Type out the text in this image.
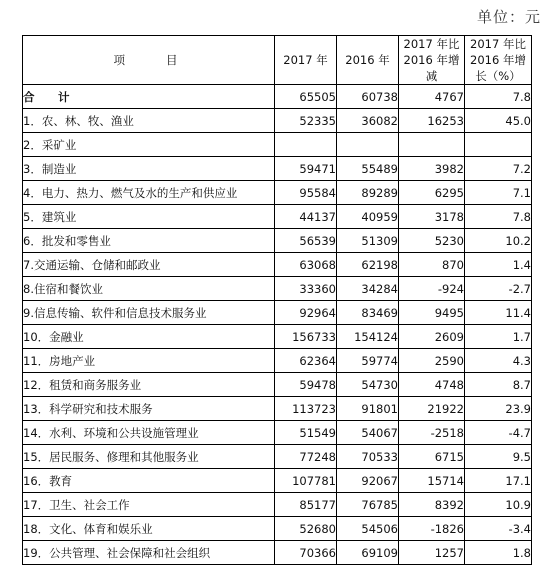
单位：元
项　　目	2017 年	2016 年	2017 年比 2016 年增减	2017 年比 2016 年增长（%）
合　计	65505	60738	4767	7.8
1．农、林、牧、渔业	52335	36082	16253	45.0
2．采矿业				
3．制造业	59471	55489	3982	7.2
4．电力、热力、燃气及水的生产和供应业	95584	89289	6295	7.1
5．建筑业	44137	40959	3178	7.8
6．批发和零售业	56539	51309	5230	10.2
7.交通运输、仓储和邮政业	63068	62198	870	1.4
8.住宿和餐饮业	33360	34284	-924	-2.7
9.信息传输、软件和信息技术服务业	92964	83469	9495	11.4
10．金融业	156733	154124	2609	1.7
11．房地产业	62364	59774	2590	4.3
12．租赁和商务服务业	59478	54730	4748	8.7
13．科学研究和技术服务	113723	91801	21922	23.9
14．水利、环境和公共设施管理业	51549	54067	-2518	-4.7
15．居民服务、修理和其他服务业	77248	70533	6715	9.5
16．教育	107781	92067	15714	17.1
17．卫生、社会工作	85177	76785	8392	10.9
18．文化、体育和娱乐业	52680	54506	-1826	-3.4
19．公共管理、社会保障和社会组织	70366	69109	1257	1.8
